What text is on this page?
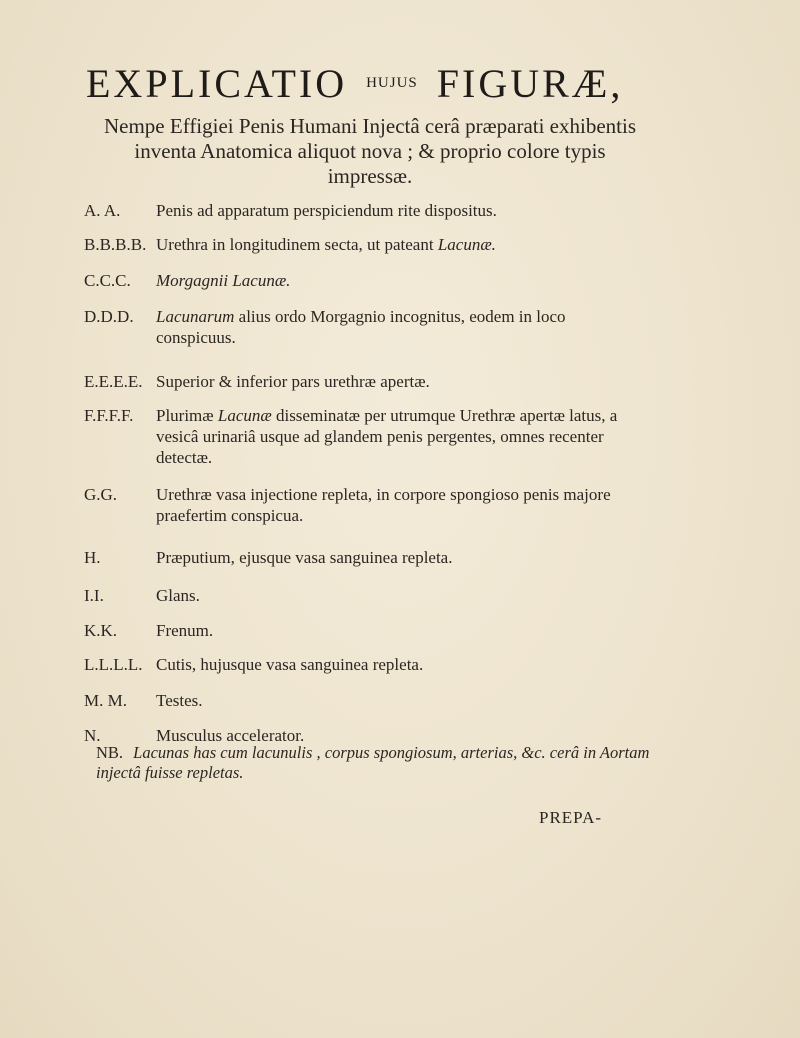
EXPLICATIO HUJUS FIGURÆ,
Nempe Effigiei Penis Humani Injectâ cerâ præparati exhibentis inventa Anatomica aliquot nova ; & proprio colore typis impressæ.
A. A.	Penis ad apparatum perspiciendum rite dispositus.
B.B.B.B. Urethra in longitudinem secta, ut pateant Lacunæ.
C.C.C.	Morgagnii Lacunæ.
D.D.D.	Lacunarum alius ordo Morgagnio incognitus, eodem in loco conspicuus.
E.E.E.E. Superior & inferior pars urethræ apertæ.
F.F.F.F.	Plurimæ Lacunæ disseminatæ per utrumque Urethræ apertæ latus, a vesicâ urinariâ usque ad glandem penis pergentes, omnes recenter detectæ.
G.G.	Urethræ vasa injectione repleta, in corpore spongioso penis majore praefertim conspicua.
H.	Præputium, ejusque vasa sanguinea repleta.
I.I.	Glans.
K.K.	Frenum.
L.L.L.L. Cutis, hujusque vasa sanguinea repleta.
M. M.	Testes.
N.	Musculus accelerator.
NB. Lacunas has cum lacunulis , corpus spongiosum, arterias, &c. cerâ in Aortam injectâ fuisse repletas.
PREPA-
